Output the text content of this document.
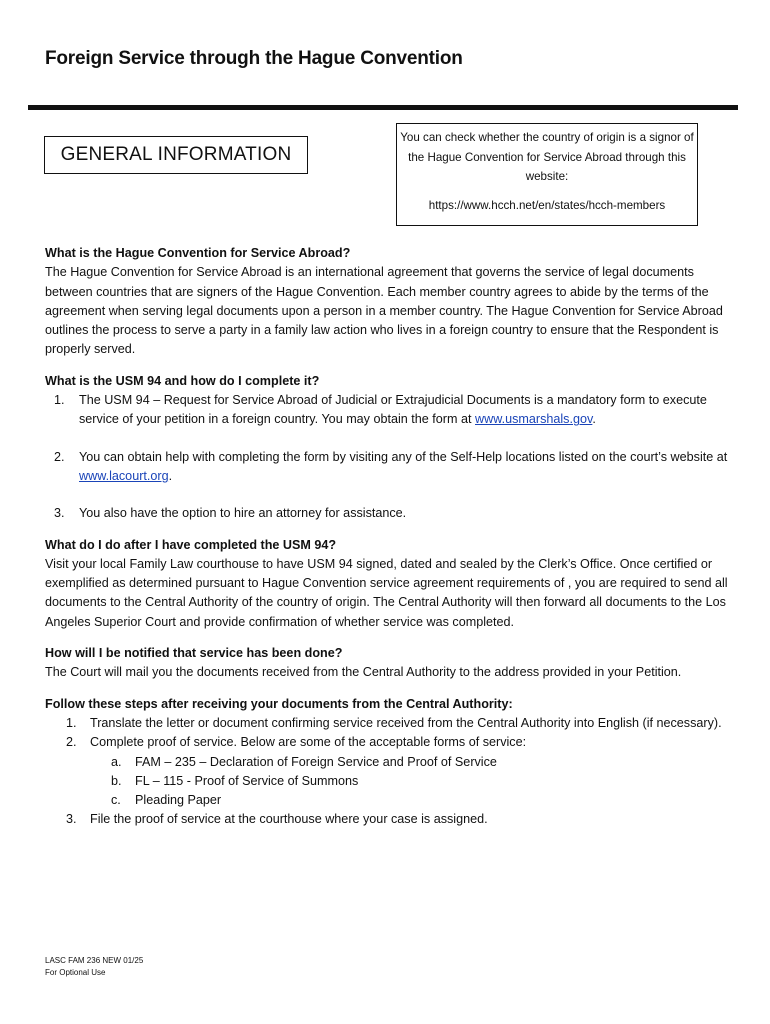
Foreign Service through the Hague Convention
GENERAL INFORMATION
You can check whether the country of origin is a signor of the Hague Convention for Service Abroad through this website:
https://www.hcch.net/en/states/hcch-members
What is the Hague Convention for Service Abroad?

The Hague Convention for Service Abroad is an international agreement that governs the service of legal documents between countries that are signers of the Hague Convention. Each member country agrees to abide by the terms of the agreement when serving legal documents upon a person in a member country. The Hague Convention for Service Abroad outlines the process to serve a party in a family law action who lives in a foreign country to ensure that the Respondent is properly served.

What is the USM 94 and how do I complete it?
1. The USM 94 – Request for Service Abroad of Judicial or Extrajudicial Documents is a mandatory form to execute service of your petition in a foreign country. You may obtain the form at www.usmarshals.gov.
2. You can obtain help with completing the form by visiting any of the Self-Help locations listed on the court’s website at www.lacourt.org.
3. You also have the option to hire an attorney for assistance.
What do I do after I have completed the USM 94?

Visit your local Family Law courthouse to have USM 94 signed, dated and sealed by the Clerk’s Office. Once certified or exemplified as determined pursuant to Hague Convention service agreement requirements of , you are required to send all documents to the Central Authority of the country of origin. The Central Authority will then forward all documents to the Los Angeles Superior Court and provide confirmation of whether service was completed.

How will I be notified that service has been done?

The Court will mail you the documents received from the Central Authority to the address provided in your Petition.

Follow these steps after receiving your documents from the Central Authority:
1. Translate the letter or document confirming service received from the Central Authority into English (if necessary).
2. Complete proof of service. Below are some of the acceptable forms of service:
a. FAM – 235 – Declaration of Foreign Service and Proof of Service
b. FL – 115 - Proof of Service of Summons
c. Pleading Paper
3. File the proof of service at the courthouse where your case is assigned.
LASC FAM 236 NEW 01/25
For Optional Use
